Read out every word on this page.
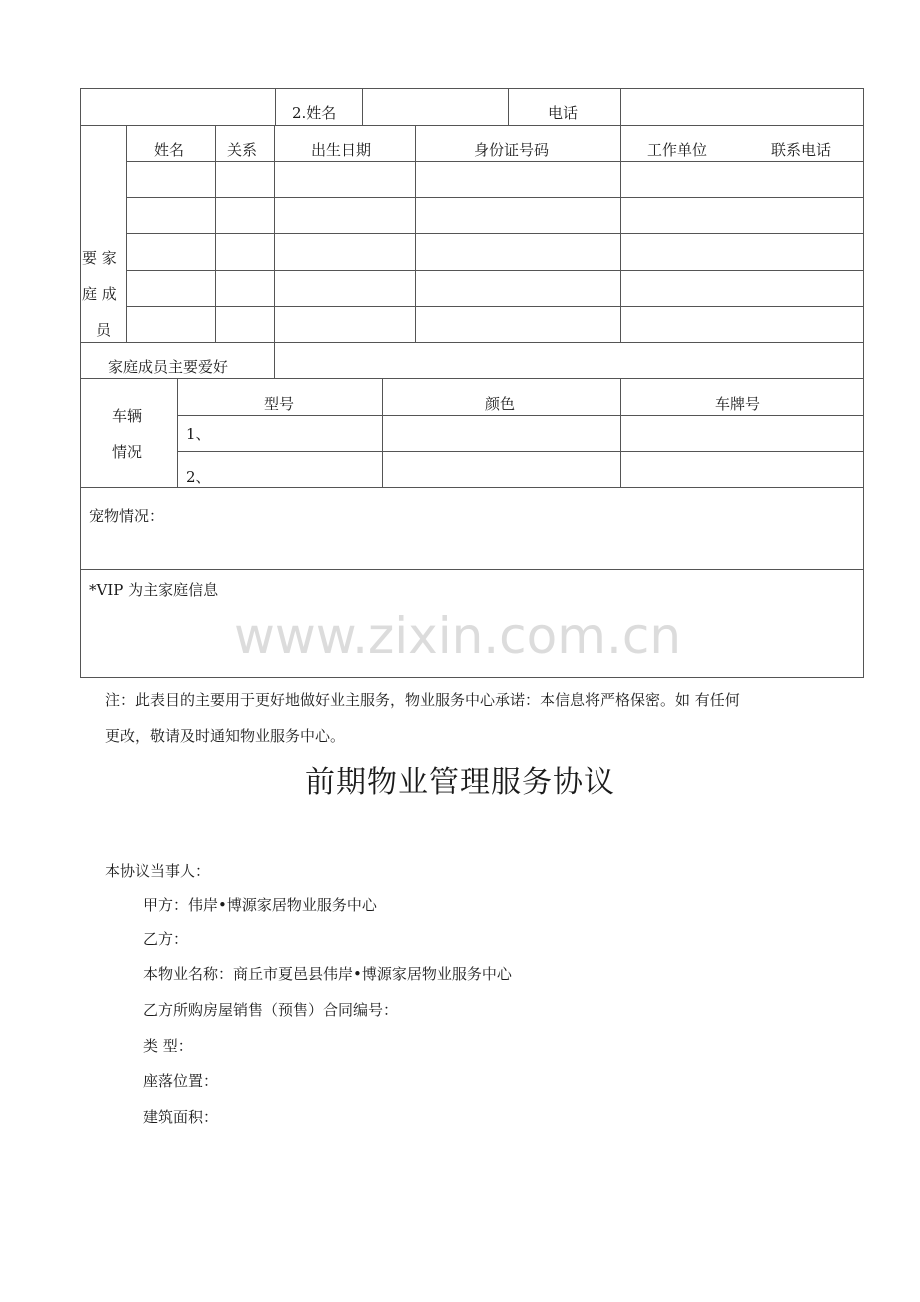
2.姓名	电话
姓名	关系	出生日期	身份证号码	工作单位	联系电话
要 家
庭 成
员
家庭成员主要爱好
车辆
情况
型号	颜色	车牌号
1、
2、
宠物情况：
*VIP 为主家庭信息
www.zixin.com.cn
注：此表目的主要用于更好地做好业主服务，物业服务中心承诺：本信息将严格保密。如 有任何
更改，敬请及时通知物业服务中心。
前期物业管理服务协议
本协议当事人：
甲方：伟岸•博源家居物业服务中心
乙方：
本物业名称：商丘市夏邑县伟岸•博源家居物业服务中心
乙方所购房屋销售（预售）合同编号：
类 型：
座落位置：
建筑面积：
